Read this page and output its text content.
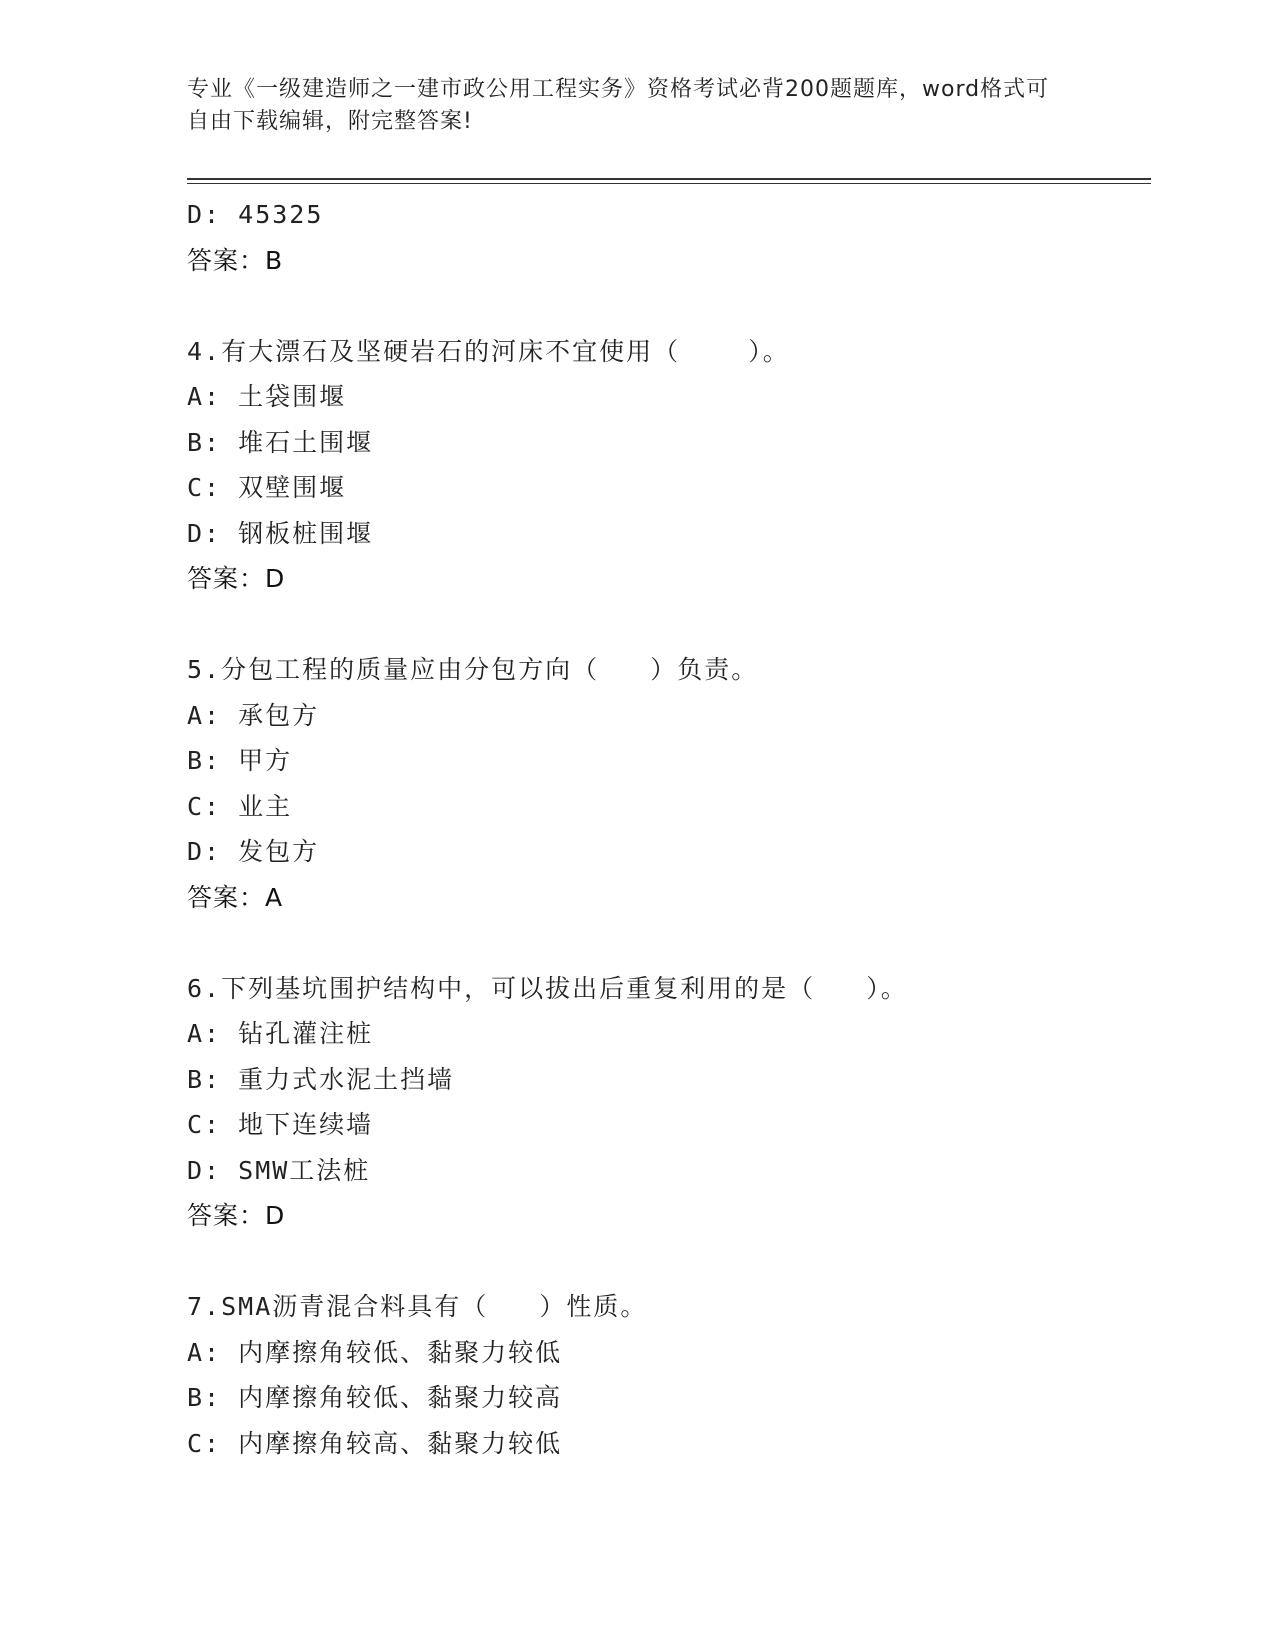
专业《一级建造师之一建市政公用工程实务》资格考试必背200题题库，word格式可自由下载编辑，附完整答案!
D: 45325
答案：B
4.有大漂石及坚硬岩石的河床不宜使用（    ）。
A: 土袋围堰
B: 堆石土围堰
C: 双壁围堰
D: 钢板桩围堰
答案：D
5.分包工程的质量应由分包方向（   ）负责。
A: 承包方
B: 甲方
C: 业主
D: 发包方
答案：A
6.下列基坑围护结构中，可以拔出后重复利用的是（   ）。
A: 钻孔灌注桩
B: 重力式水泥土挡墙
C: 地下连续墙
D: SMW工法桩
答案：D
7.SMA沥青混合料具有（   ）性质。
A: 内摩擦角较低、黏聚力较低
B: 内摩擦角较低、黏聚力较高
C: 内摩擦角较高、黏聚力较低
